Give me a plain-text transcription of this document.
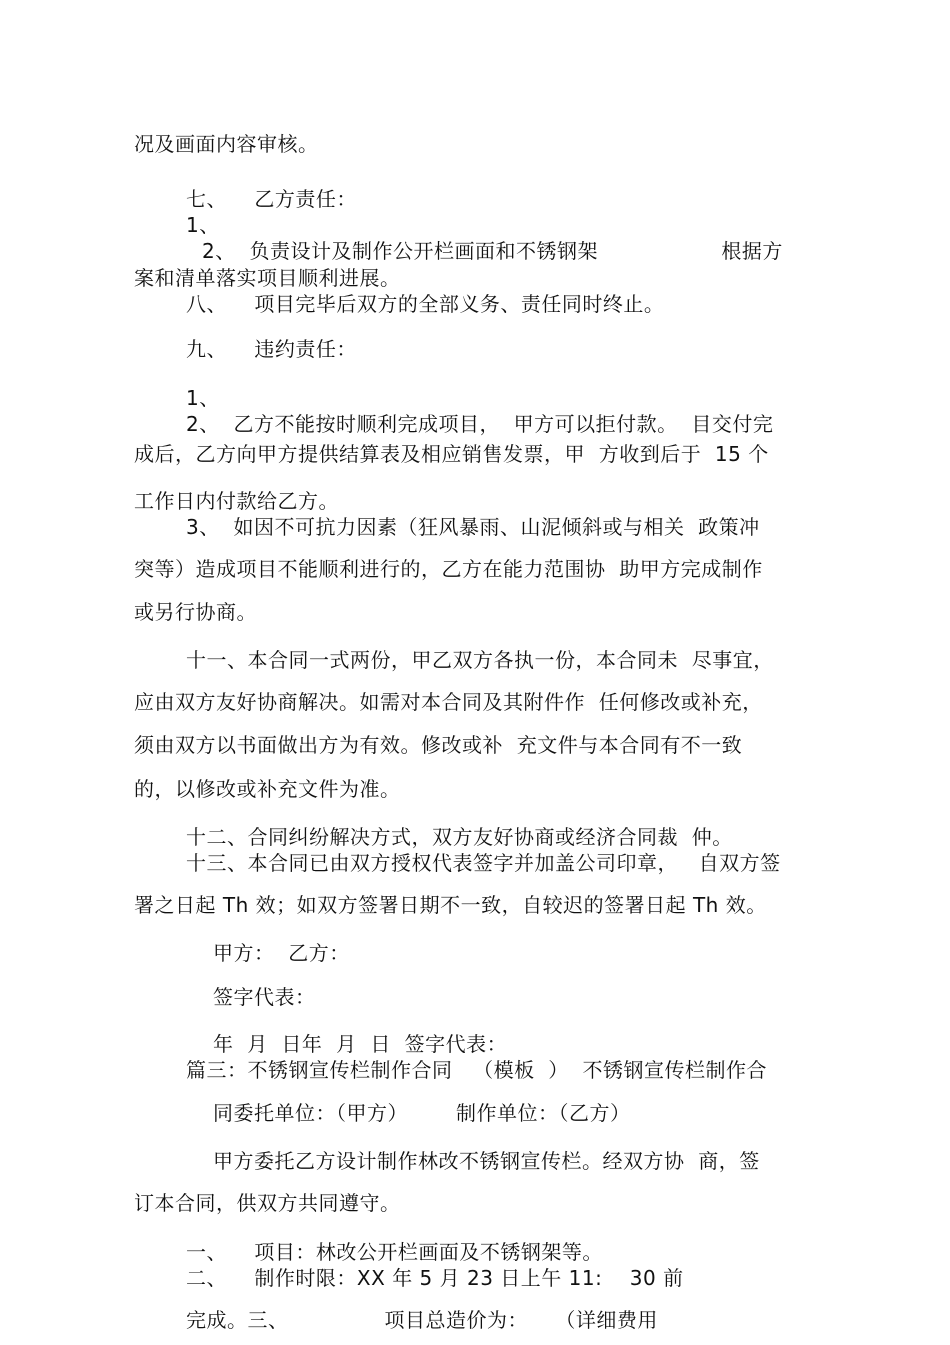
况及画面内容审核。
七、    乙方责任：
1、
2、  负责设计及制作公开栏画面和不锈钢架                  根据方
案和清单落实项目顺利进展。
八、    项目完毕后双方的全部义务、责任同时终止。
九、    违约责任：
1、
2、  乙方不能按时顺利完成项目，  甲方可以拒付款。  目交付完
成后，乙方向甲方提供结算表及相应销售发票，甲  方收到后于  15 个
工作日内付款给乙方。
3、  如因不可抗力因素（狂风暴雨、山泥倾斜或与相关  政策冲
突等）造成项目不能顺利进行的，乙方在能力范围协  助甲方完成制作
或另行协商。
十一、本合同一式两份，甲乙双方各执一份，本合同未  尽事宜，
应由双方友好协商解决。如需对本合同及其附件作  任何修改或补充，
须由双方以书面做出方为有效。修改或补  充文件与本合同有不一致
的，以修改或补充文件为准。
十二、合同纠纷解决方式，双方友好协商或经济合同裁  仲。
十三、本合同已由双方授权代表签字并加盖公司印章，   自双方签
署之日起 Th 效；如双方签署日期不一致，自较迟的签署日起 Th 效。
甲方：  乙方：
签字代表：
年  月  日年  月  日  签字代表：
篇三：不锈钢宣传栏制作合同   （模板  ）  不锈钢宣传栏制作合
同委托单位：（甲方）       制作单位：（乙方）
甲方委托乙方设计制作林改不锈钢宣传栏。经双方协  商，签
订本合同，供双方共同遵守。
一、    项目：林改公开栏画面及不锈钢架等。
二、    制作时限：XX 年 5 月 23 日上午 11:    30 前
完成。三、              项目总造价为：    （详细费用
